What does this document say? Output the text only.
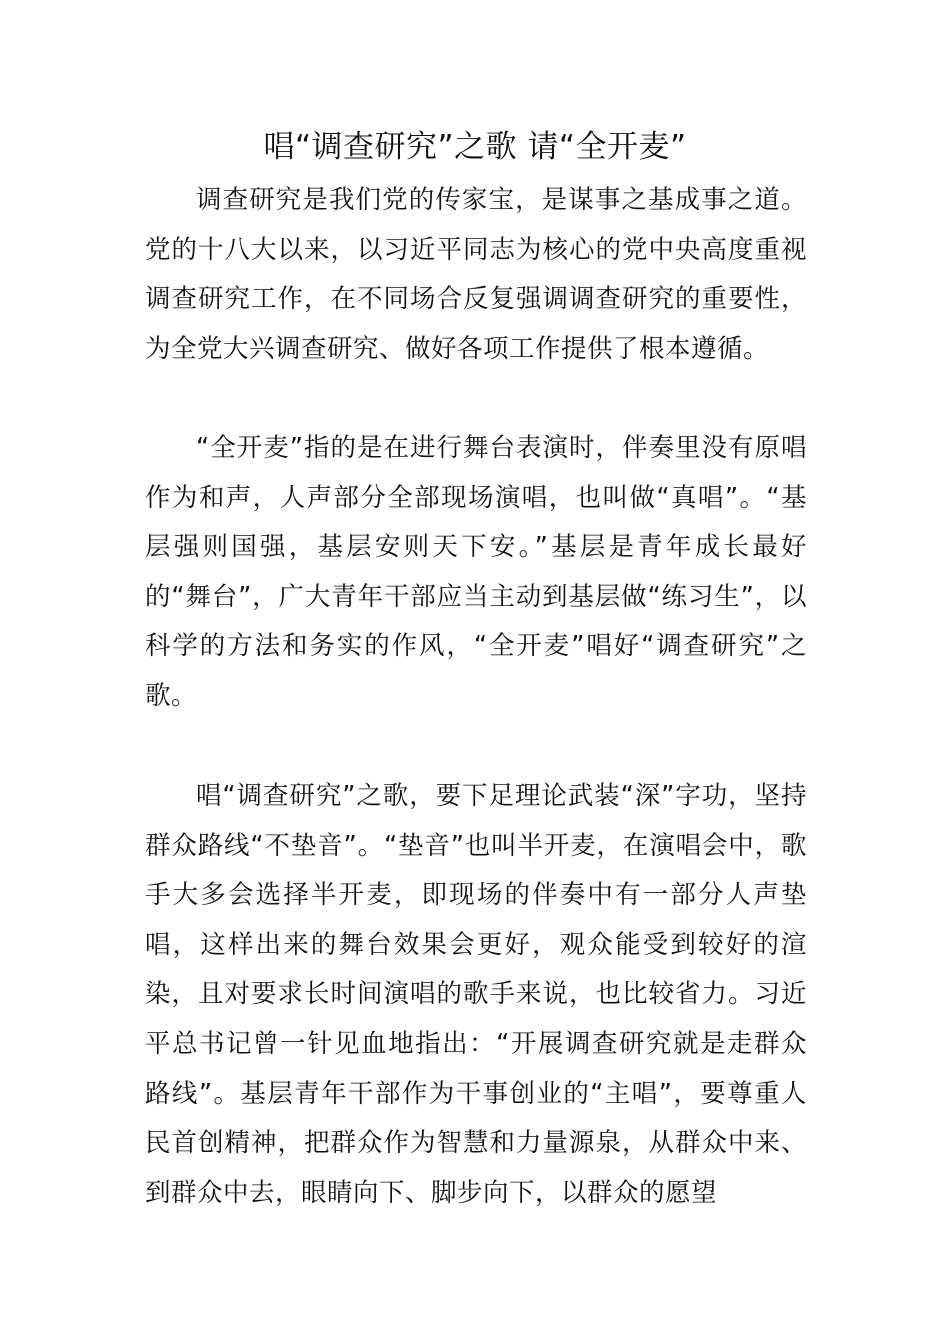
唱“调查研究”之歌 请“全开麦”

调查研究是我们党的传家宝，是谋事之基成事之道。党的十八大以来，以习近平同志为核心的党中央高度重视调查研究工作，在不同场合反复强调调查研究的重要性，为全党大兴调查研究、做好各项工作提供了根本遵循。

“全开麦”指的是在进行舞台表演时，伴奏里没有原唱作为和声，人声部分全部现场演唱，也叫做“真唱”。“基层强则国强，基层安则天下安。”基层是青年成长最好的“舞台”，广大青年干部应当主动到基层做“练习生”，以科学的方法和务实的作风，“全开麦”唱好“调查研究”之歌。

唱“调查研究”之歌，要下足理论武装“深”字功，坚持群众路线“不垫音”。“垫音”也叫半开麦，在演唱会中，歌手大多会选择半开麦，即现场的伴奏中有一部分人声垫唱，这样出来的舞台效果会更好，观众能受到较好的渲染，且对要求长时间演唱的歌手来说，也比较省力。习近平总书记曾一针见血地指出：“开展调查研究就是走群众路线”。基层青年干部作为干事创业的“主唱”，要尊重人民首创精神，把群众作为智慧和力量源泉，从群众中来、到群众中去，眼睛向下、脚步向下，以群众的愿望
